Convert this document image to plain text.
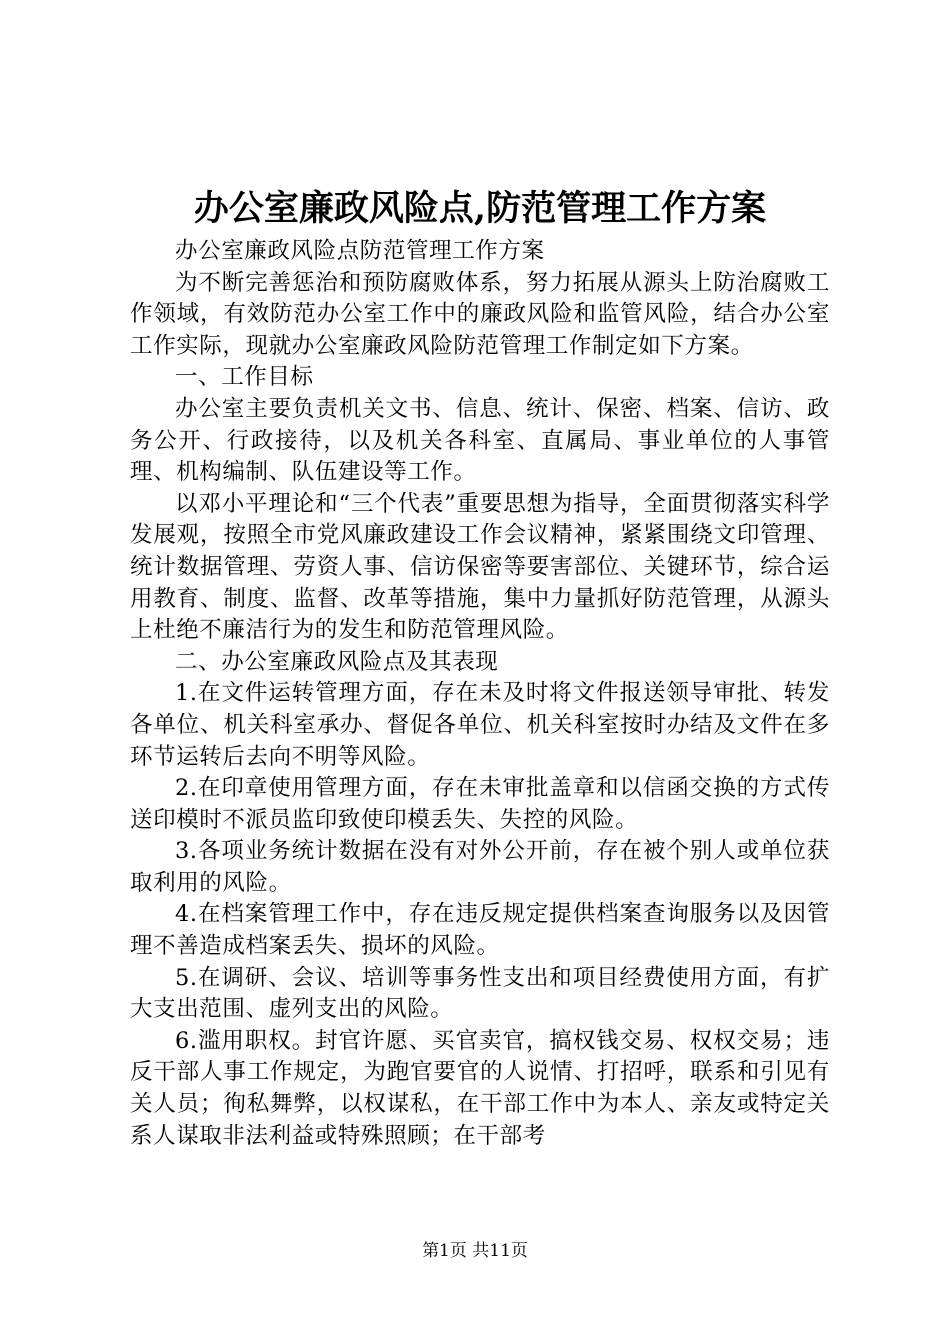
办公室廉政风险点,防范管理工作方案

办公室廉政风险点防范管理工作方案

为不断完善惩治和预防腐败体系，努力拓展从源头上防治腐败工作领域，有效防范办公室工作中的廉政风险和监管风险，结合办公室工作实际，现就办公室廉政风险防范管理工作制定如下方案。

一、工作目标

办公室主要负责机关文书、信息、统计、保密、档案、信访、政务公开、行政接待，以及机关各科室、直属局、事业单位的人事管理、机构编制、队伍建设等工作。

以邓小平理论和“三个代表”重要思想为指导，全面贯彻落实科学发展观，按照全市党风廉政建设工作会议精神，紧紧围绕文印管理、统计数据管理、劳资人事、信访保密等要害部位、关键环节，综合运用教育、制度、监督、改革等措施，集中力量抓好防范管理，从源头上杜绝不廉洁行为的发生和防范管理风险。

二、办公室廉政风险点及其表现

1.在文件运转管理方面，存在未及时将文件报送领导审批、转发各单位、机关科室承办、督促各单位、机关科室按时办结及文件在多环节运转后去向不明等风险。

2.在印章使用管理方面，存在未审批盖章和以信函交换的方式传送印模时不派员监印致使印模丢失、失控的风险。

3.各项业务统计数据在没有对外公开前，存在被个别人或单位获取利用的风险。

4.在档案管理工作中，存在违反规定提供档案查询服务以及因管理不善造成档案丢失、损坏的风险。

5.在调研、会议、培训等事务性支出和项目经费使用方面，有扩大支出范围、虚列支出的风险。

6.滥用职权。封官许愿、买官卖官，搞权钱交易、权权交易；违反干部人事工作规定，为跑官要官的人说情、打招呼，联系和引见有关人员；徇私舞弊，以权谋私，在干部工作中为本人、亲友或特定关系人谋取非法利益或特殊照顾；在干部考

第1页 共11页
